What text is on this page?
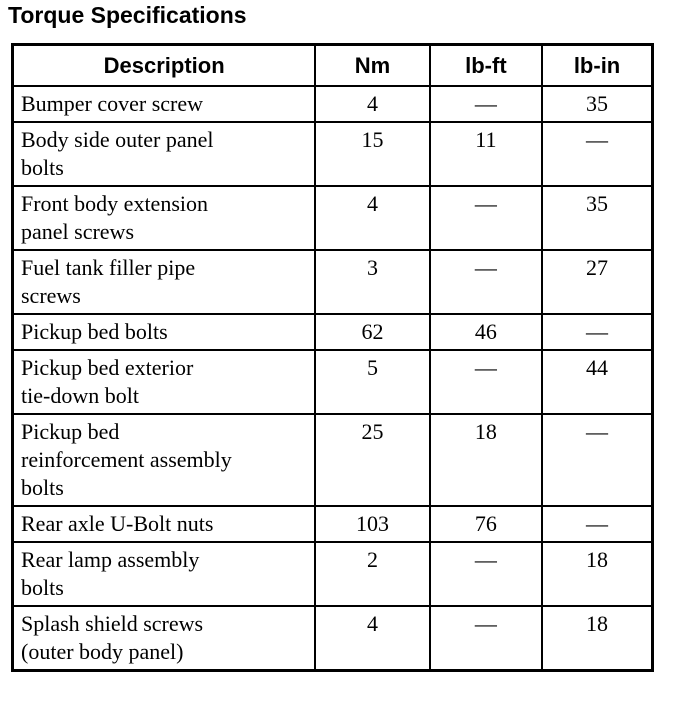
Torque Specifications
Description	Nm	lb-ft	lb-in

Bumper cover screw	4	—	35

Body side outer panel
bolts	15	11	—

Front body extension
panel screws	4	—	35

Fuel tank filler pipe
screws	3	—	27

Pickup bed bolts	62	46	—

Pickup bed exterior
tie-down bolt	5	—	44

Pickup bed
reinforcement assembly
bolts	25	18	—

Rear axle U-Bolt nuts	103	76	—

Rear lamp assembly
bolts	2	—	18

Splash shield screws
(outer body panel)	4	—	18
